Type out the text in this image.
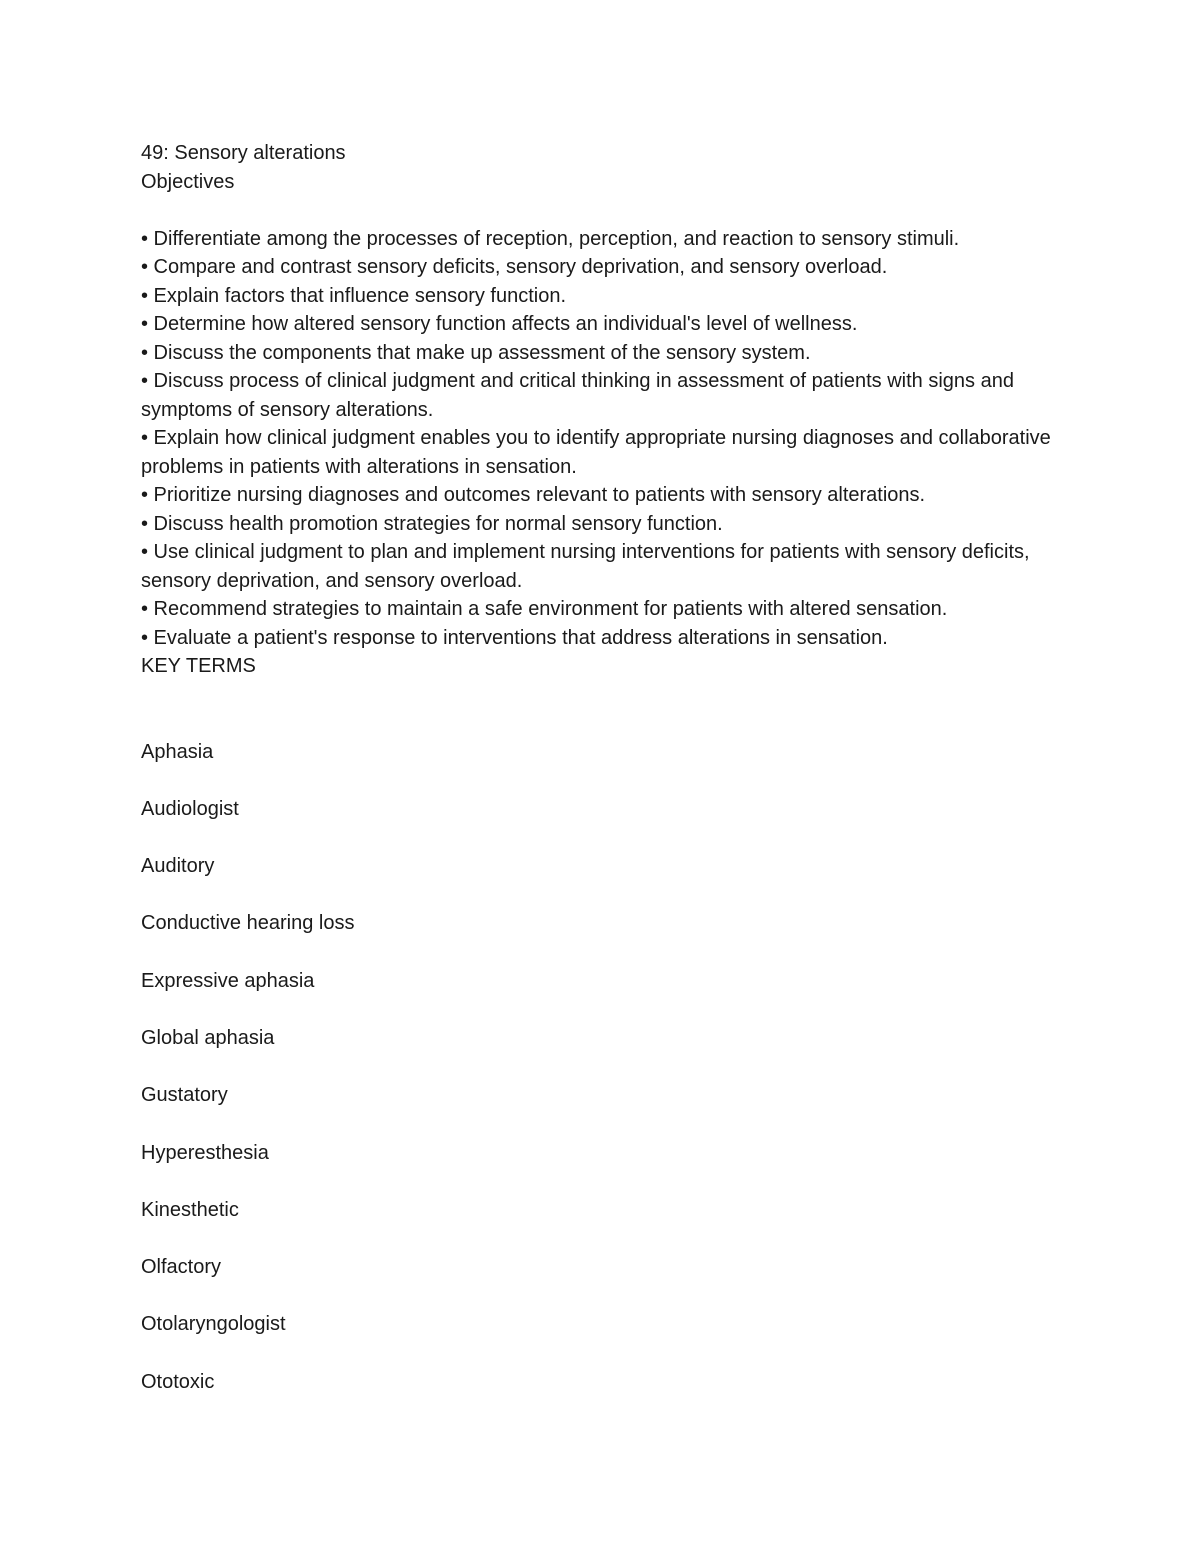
49: Sensory alterations
Objectives
• Differentiate among the processes of reception, perception, and reaction to sensory stimuli.
• Compare and contrast sensory deficits, sensory deprivation, and sensory overload.
• Explain factors that influence sensory function.
• Determine how altered sensory function affects an individual's level of wellness.
• Discuss the components that make up assessment of the sensory system.
• Discuss process of clinical judgment and critical thinking in assessment of patients with signs and symptoms of sensory alterations.
• Explain how clinical judgment enables you to identify appropriate nursing diagnoses and collaborative problems in patients with alterations in sensation.
• Prioritize nursing diagnoses and outcomes relevant to patients with sensory alterations.
• Discuss health promotion strategies for normal sensory function.
• Use clinical judgment to plan and implement nursing interventions for patients with sensory deficits, sensory deprivation, and sensory overload.
• Recommend strategies to maintain a safe environment for patients with altered sensation.
• Evaluate a patient's response to interventions that address alterations in sensation.
KEY TERMS
Aphasia
Audiologist
Auditory
Conductive hearing loss
Expressive aphasia
Global aphasia
Gustatory
Hyperesthesia
Kinesthetic
Olfactory
Otolaryngologist
Ototoxic
